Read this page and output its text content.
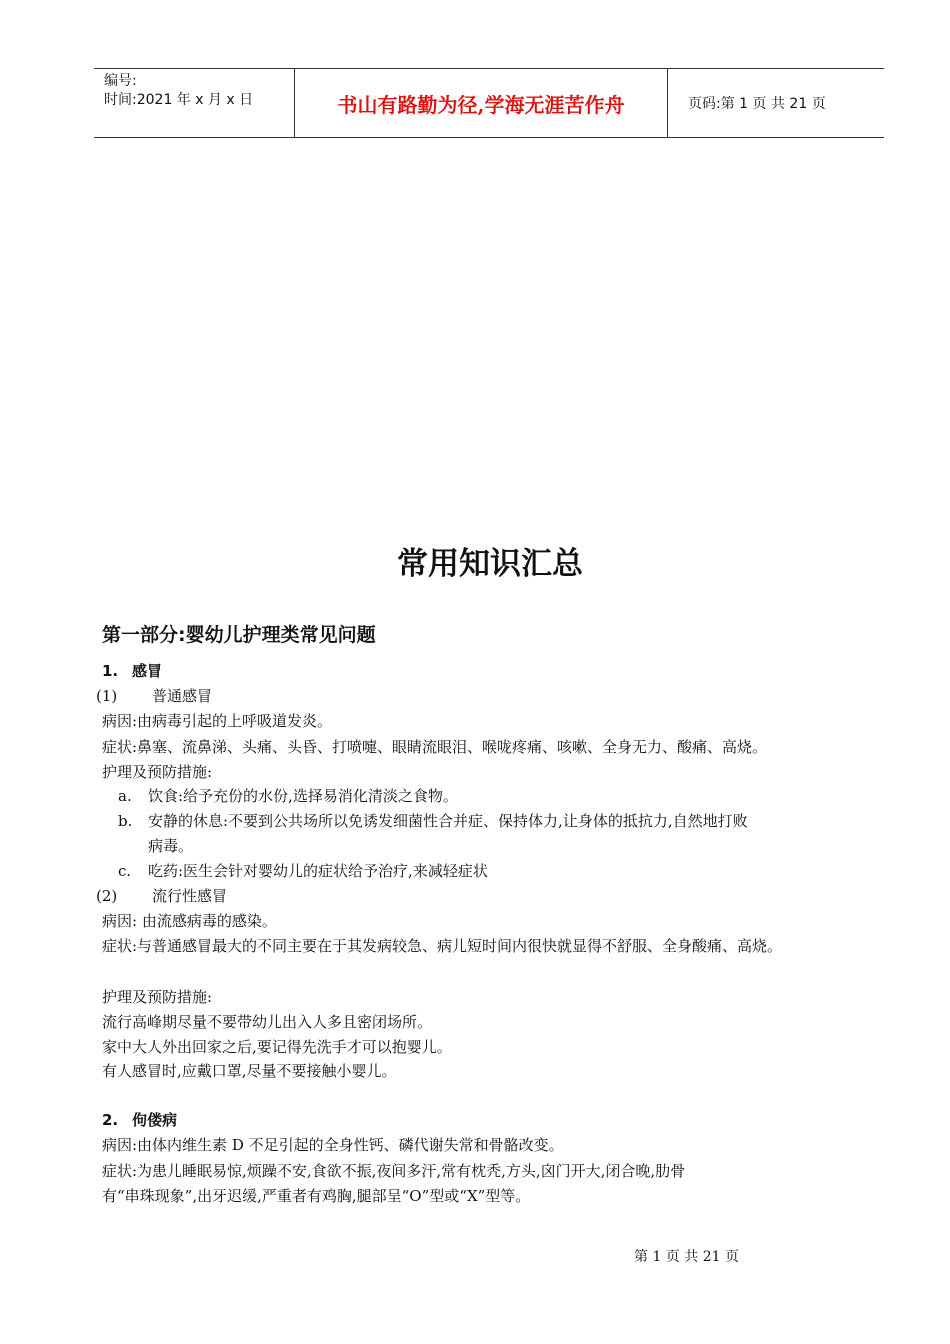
编号:
时间:2021 年 x 月 x 日	书山有路勤为径,学海无涯苦作舟	页码:第 1 页 共 21 页
常用知识汇总
第一部分:婴幼儿护理类常见问题
1. 感冒
(1) 普通感冒
病因:由病毒引起的上呼吸道发炎。
症状:鼻塞、流鼻涕、头痛、头昏、打喷嚏、眼睛流眼泪、喉咙疼痛、咳嗽、全身无力、酸痛、高烧。
护理及预防措施:
a. 饮食:给予充份的水份,选择易消化清淡之食物。
b. 安静的休息:不要到公共场所以免诱发细菌性合并症、保持体力,让身体的抵抗力,自然地打败
病毒。
c. 吃药:医生会针对婴幼儿的症状给予治疗,来减轻症状
(2) 流行性感冒
病因: 由流感病毒的感染。
症状:与普通感冒最大的不同主要在于其发病较急、病儿短时间内很快就显得不舒服、全身酸痛、高烧。
护理及预防措施:
流行高峰期尽量不要带幼儿出入人多且密闭场所。
家中大人外出回家之后,要记得先洗手才可以抱婴儿。
有人感冒时,应戴口罩,尽量不要接触小婴儿。
2. 佝偻病
病因:由体内维生素 D 不足引起的全身性钙、磷代谢失常和骨骼改变。
症状:为患儿睡眠易惊,烦躁不安,食欲不振,夜间多汗,常有枕秃,方头,囟门开大,闭合晚,肋骨
有“串珠现象”,出牙迟缓,严重者有鸡胸,腿部呈“O”型或“X”型等。
第 1 页 共 21 页
